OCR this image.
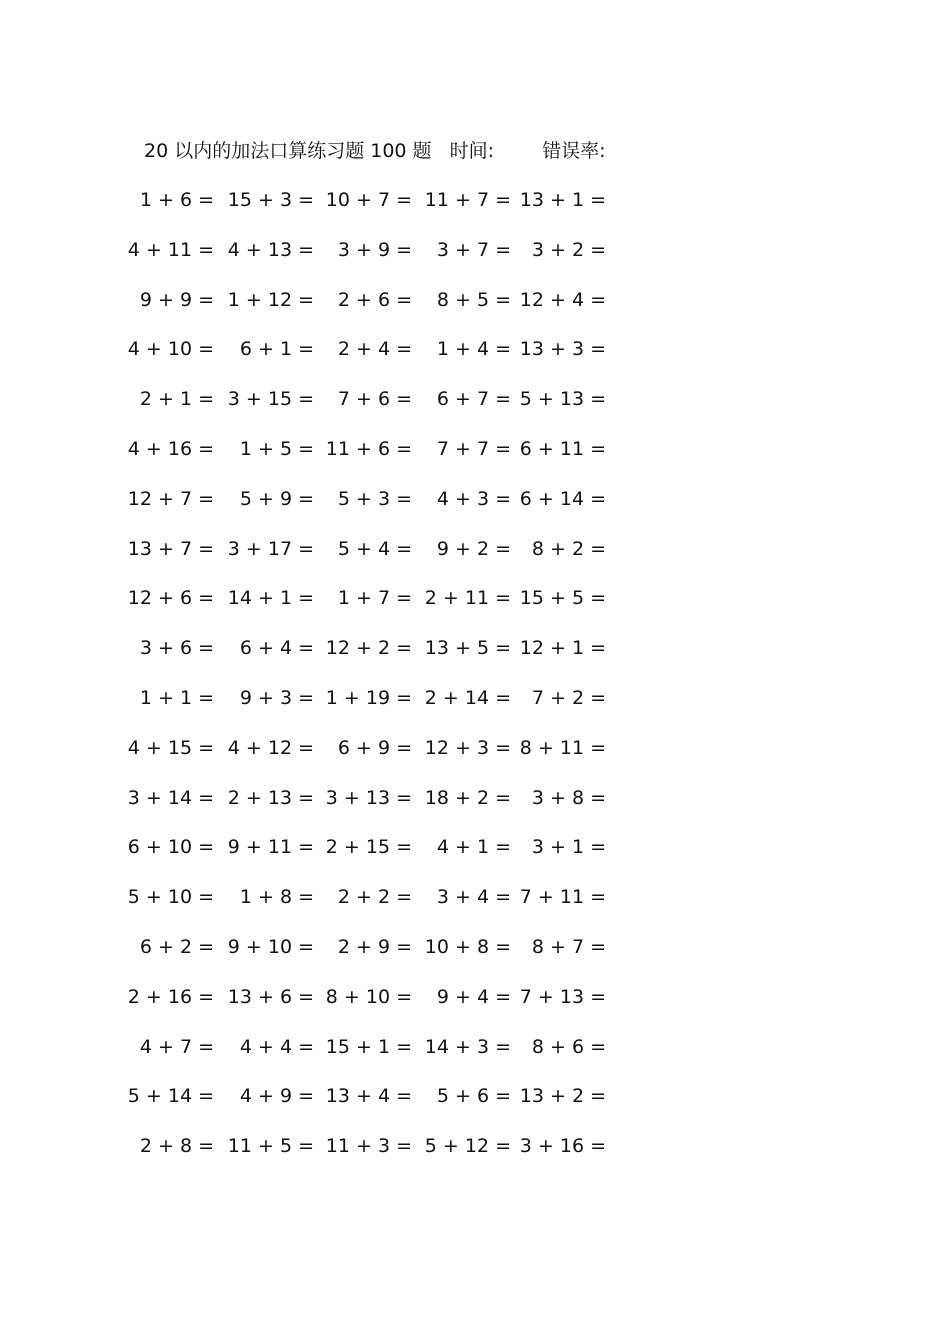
20 以内的加法口算练习题 100 题 时间:	错误率:
1 + 6 = 15 + 3 = 10 + 7 = 11 + 7 = 13 + 1 =
4 + 11 = 4 + 13 =	3 + 9 =	3 + 7 =	3 + 2 =
9 + 9 = 1 + 12 =	2 + 6 =	8 + 5 = 12 + 4 =
4 + 10 =	6 + 1 =	2 + 4 =	1 + 4 = 13 + 3 =
2 + 1 = 3 + 15 =	7 + 6 =	6 + 7 = 5 + 13 =
4 + 16 =	1 + 5 = 11 + 6 =	7 + 7 = 6 + 11 =
12 + 7 =	5 + 9 =	5 + 3 =	4 + 3 = 6 + 14 =
13 + 7 = 3 + 17 =	5 + 4 =	9 + 2 =	8 + 2 =
12 + 6 = 14 + 1 =	1 + 7 = 2 + 11 = 15 + 5 =
3 + 6 =	6 + 4 = 12 + 2 = 13 + 5 = 12 + 1 =
1 + 1 =	9 + 3 = 1 + 19 = 2 + 14 =	7 + 2 =
4 + 15 = 4 + 12 =	6 + 9 = 12 + 3 = 8 + 11 =
3 + 14 = 2 + 13 = 3 + 13 = 18 + 2 =	3 + 8 =
6 + 10 = 9 + 11 = 2 + 15 =	4 + 1 =	3 + 1 =
5 + 10 =	1 + 8 =	2 + 2 =	3 + 4 = 7 + 11 =
6 + 2 = 9 + 10 =	2 + 9 = 10 + 8 =	8 + 7 =
2 + 16 = 13 + 6 = 8 + 10 =	9 + 4 = 7 + 13 =
4 + 7 =	4 + 4 = 15 + 1 = 14 + 3 =	8 + 6 =
5 + 14 =	4 + 9 = 13 + 4 =	5 + 6 = 13 + 2 =
2 + 8 = 11 + 5 = 11 + 3 = 5 + 12 = 3 + 16 =
